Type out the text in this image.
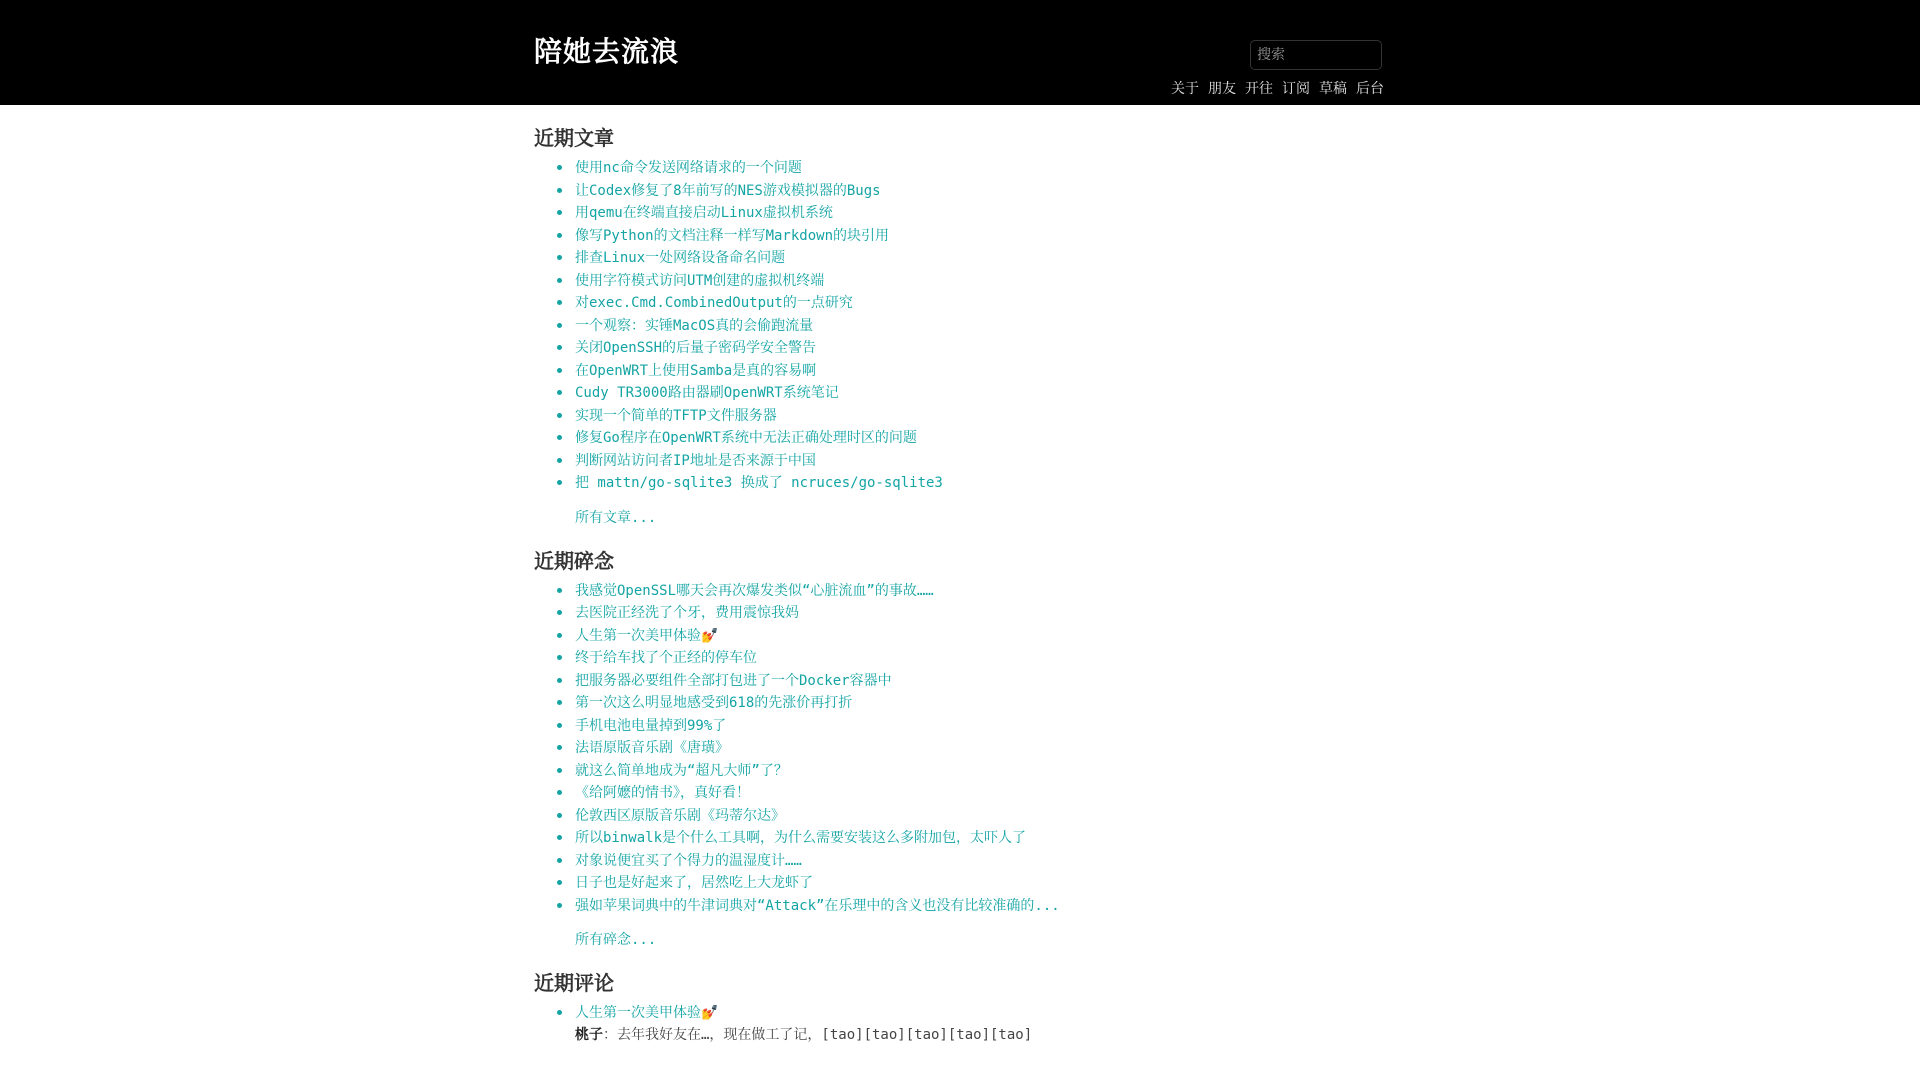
陪她去流浪
搜索
关于 朋友 开往 订阅 草稿 后台
近期文章
使用nc命令发送网络请求的一个问题
让Codex修复了8年前写的NES游戏模拟器的Bugs
用qemu在终端直接启动Linux虚拟机系统
像写Python的文档注释一样写Markdown的块引用
排查Linux一处网络设备命名问题
使用字符模式访问UTM创建的虚拟机终端
对exec.Cmd.CombinedOutput的一点研究
一个观察：实锤MacOS真的会偷跑流量
关闭OpenSSH的后量子密码学安全警告
在OpenWRT上使用Samba是真的容易啊
Cudy TR3000路由器刷OpenWRT系统笔记
实现一个简单的TFTP文件服务器
修复Go程序在OpenWRT系统中无法正确处理时区的问题
判断网站访问者IP地址是否来源于中国
把 mattn/go-sqlite3 换成了 ncruces/go-sqlite3
所有文章...
近期碎念
我感觉OpenSSL哪天会再次爆发类似“心脏流血”的事故……
去医院正经洗了个牙，费用震惊我妈
人生第一次美甲体验💅
终于给车找了个正经的停车位
把服务器必要组件全部打包进了一个Docker容器中
第一次这么明显地感受到618的先涨价再打折
手机电池电量掉到99%了
法语原版音乐剧《唐璜》
就这么简单地成为“超凡大师”了？
《给阿嬷的情书》，真好看！
伦敦西区原版音乐剧《玛蒂尔达》
所以binwalk是个什么工具啊，为什么需要安装这么多附加包，太吓人了
对象说便宜买了个得力的温湿度计……
日子也是好起来了，居然吃上大龙虾了
强如苹果词典中的牛津词典对“Attack”在乐理中的含义也没有比较准确的...
所有碎念...
近期评论
人生第一次美甲体验💅
桃子：去年我好友在…，现在做工了记，[tao][tao][tao][tao][tao]
